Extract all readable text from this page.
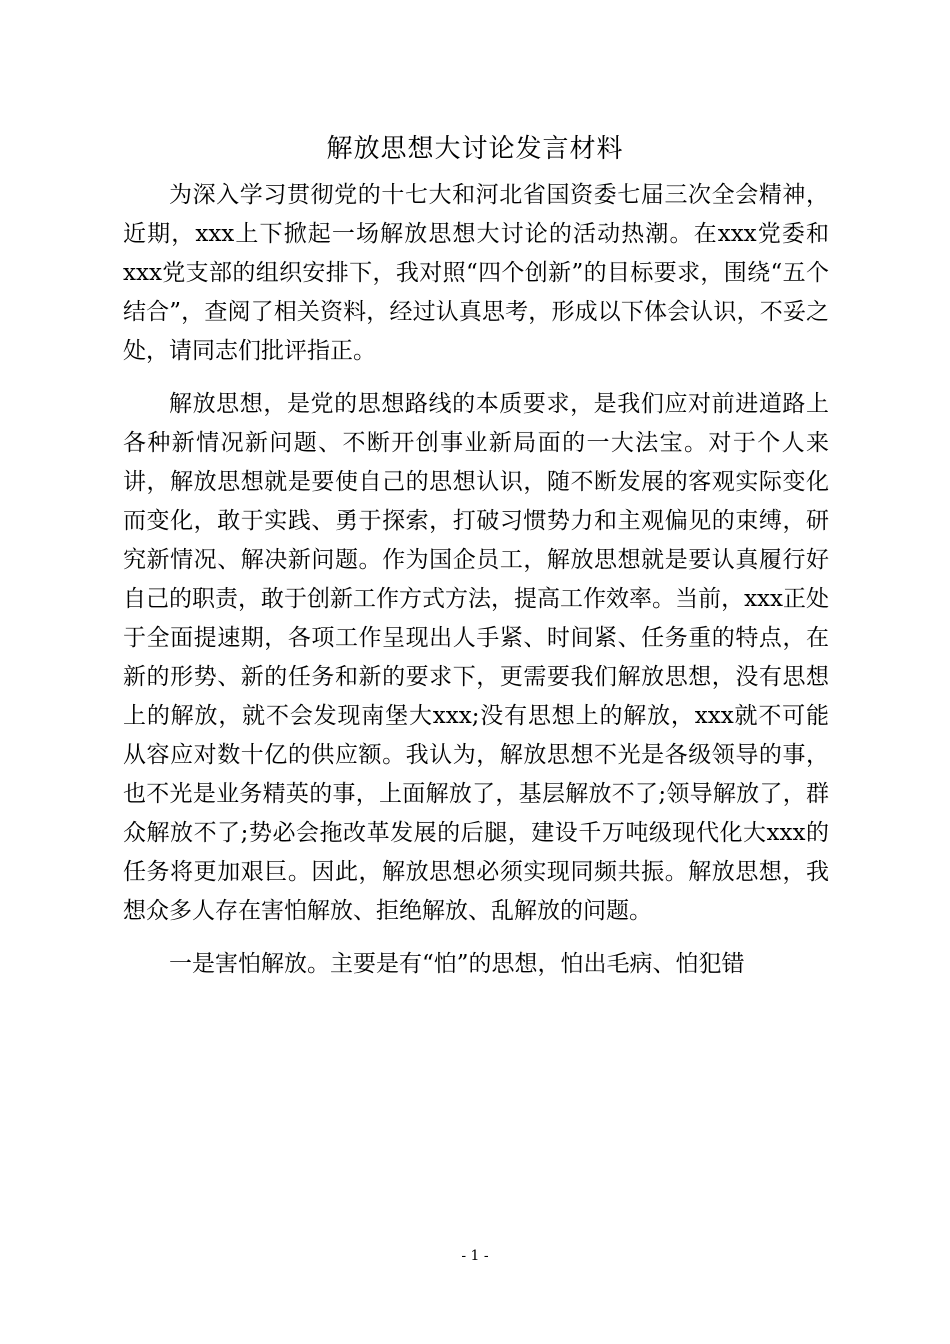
解放思想大讨论发言材料

为深入学习贯彻党的十七大和河北省国资委七届三次全会精神，近期，xxx上下掀起一场解放思想大讨论的活动热潮。在xxx党委和xxx党支部的组织安排下，我对照“四个创新”的目标要求，围绕“五个结合”，查阅了相关资料，经过认真思考，形成以下体会认识，不妥之处，请同志们批评指正。

解放思想，是党的思想路线的本质要求，是我们应对前进道路上各种新情况新问题、不断开创事业新局面的一大法宝。对于个人来讲，解放思想就是要使自己的思想认识，随不断发展的客观实际变化而变化，敢于实践、勇于探索，打破习惯势力和主观偏见的束缚，研究新情况、解决新问题。作为国企员工，解放思想就是要认真履行好自己的职责，敢于创新工作方式方法，提高工作效率。当前，xxx正处于全面提速期，各项工作呈现出人手紧、时间紧、任务重的特点，在新的形势、新的任务和新的要求下，更需要我们解放思想，没有思想上的解放，就不会发现南堡大xxx;没有思想上的解放，xxx就不可能从容应对数十亿的供应额。我认为，解放思想不光是各级领导的事，也不光是业务精英的事，上面解放了，基层解放不了;领导解放了，群众解放不了;势必会拖改革发展的后腿，建设千万吨级现代化大xxx的任务将更加艰巨。因此，解放思想必须实现同频共振。解放思想，我想众多人存在害怕解放、拒绝解放、乱解放的问题。

一是害怕解放。主要是有“怕”的思想，怕出毛病、怕犯错

- 1 -
